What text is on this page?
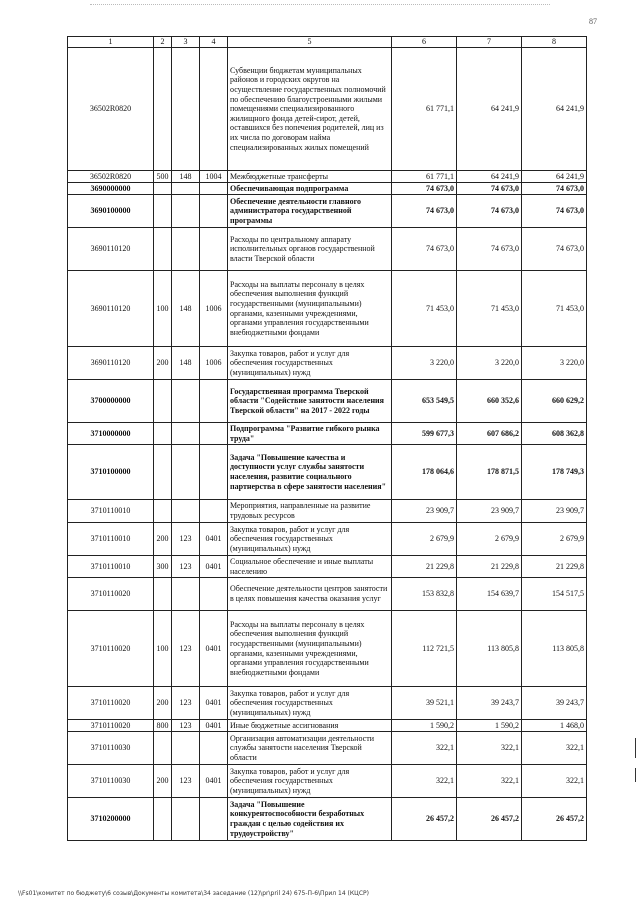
87
1	2	3	4	5	6	7	8
36502R0820				Субвенции бюджетам муниципальных районов и городских округов на осуществление государственных полномочий по обеспечению благоустроенными жилыми помещениями специализированного жилищного фонда детей-сирот, детей, оставшихся без попечения родителей, лиц из их числа по договорам найма специализированных жилых помещений	61 771,1	64 241,9	64 241,9
36502R0820	500	148	1004	Межбюджетные трансферты	61 771,1	64 241,9	64 241,9
3690000000				Обеспечивающая подпрограмма	74 673,0	74 673,0	74 673,0
3690100000				Обеспечение деятельности главного администратора государственной программы	74 673,0	74 673,0	74 673,0
3690110120				Расходы по центральному аппарату исполнительных органов государственной власти Тверской области	74 673,0	74 673,0	74 673,0
3690110120	100	148	1006	Расходы на выплаты персоналу в целях обеспечения выполнения функций государственными (муниципальными) органами, казенными учреждениями, органами управления государственными внебюджетными фондами	71 453,0	71 453,0	71 453,0
3690110120	200	148	1006	Закупка товаров, работ и услуг для обеспечения государственных (муниципальных) нужд	3 220,0	3 220,0	3 220,0
3700000000				Государственная программа Тверской области "Содействие занятости населения Тверской области" на 2017 - 2022 годы	653 549,5	660 352,6	660 629,2
3710000000				Подпрограмма "Развитие гибкого рынка труда"	599 677,3	607 686,2	608 362,8
3710100000				Задача "Повышение качества и доступности услуг службы занятости населения, развитие социального партнерства в сфере занятости населения"	178 064,6	178 871,5	178 749,3
3710110010				Мероприятия, направленные на развитие трудовых ресурсов	23 909,7	23 909,7	23 909,7
3710110010	200	123	0401	Закупка товаров, работ и услуг для обеспечения государственных (муниципальных) нужд	2 679,9	2 679,9	2 679,9
3710110010	300	123	0401	Социальное обеспечение и иные выплаты населению	21 229,8	21 229,8	21 229,8
3710110020				Обеспечение деятельности центров занятости в целях повышения качества оказания услуг	153 832,8	154 639,7	154 517,5
3710110020	100	123	0401	Расходы на выплаты персоналу в целях обеспечения выполнения функций государственными (муниципальными) органами, казенными учреждениями, органами управления государственными внебюджетными фондами	112 721,5	113 805,8	113 805,8
3710110020	200	123	0401	Закупка товаров, работ и услуг для обеспечения государственных (муниципальных) нужд	39 521,1	39 243,7	39 243,7
3710110020	800	123	0401	Иные бюджетные ассигнования	1 590,2	1 590,2	1 468,0
3710110030				Организация автоматизации деятельности службы занятости населения Тверской области	322,1	322,1	322,1
3710110030	200	123	0401	Закупка товаров, работ и услуг для обеспечения государственных (муниципальных) нужд	322,1	322,1	322,1
3710200000				Задача "Повышение конкурентоспособности безработных граждан с целью содействия их трудоустройству"	26 457,2	26 457,2	26 457,2
\\Fs01\комитет по бюджету\6 созыв\Документы комитета\34 заседание (12)\pr\pril 24) 675-П-6\Прил 14 (КЦСР)
